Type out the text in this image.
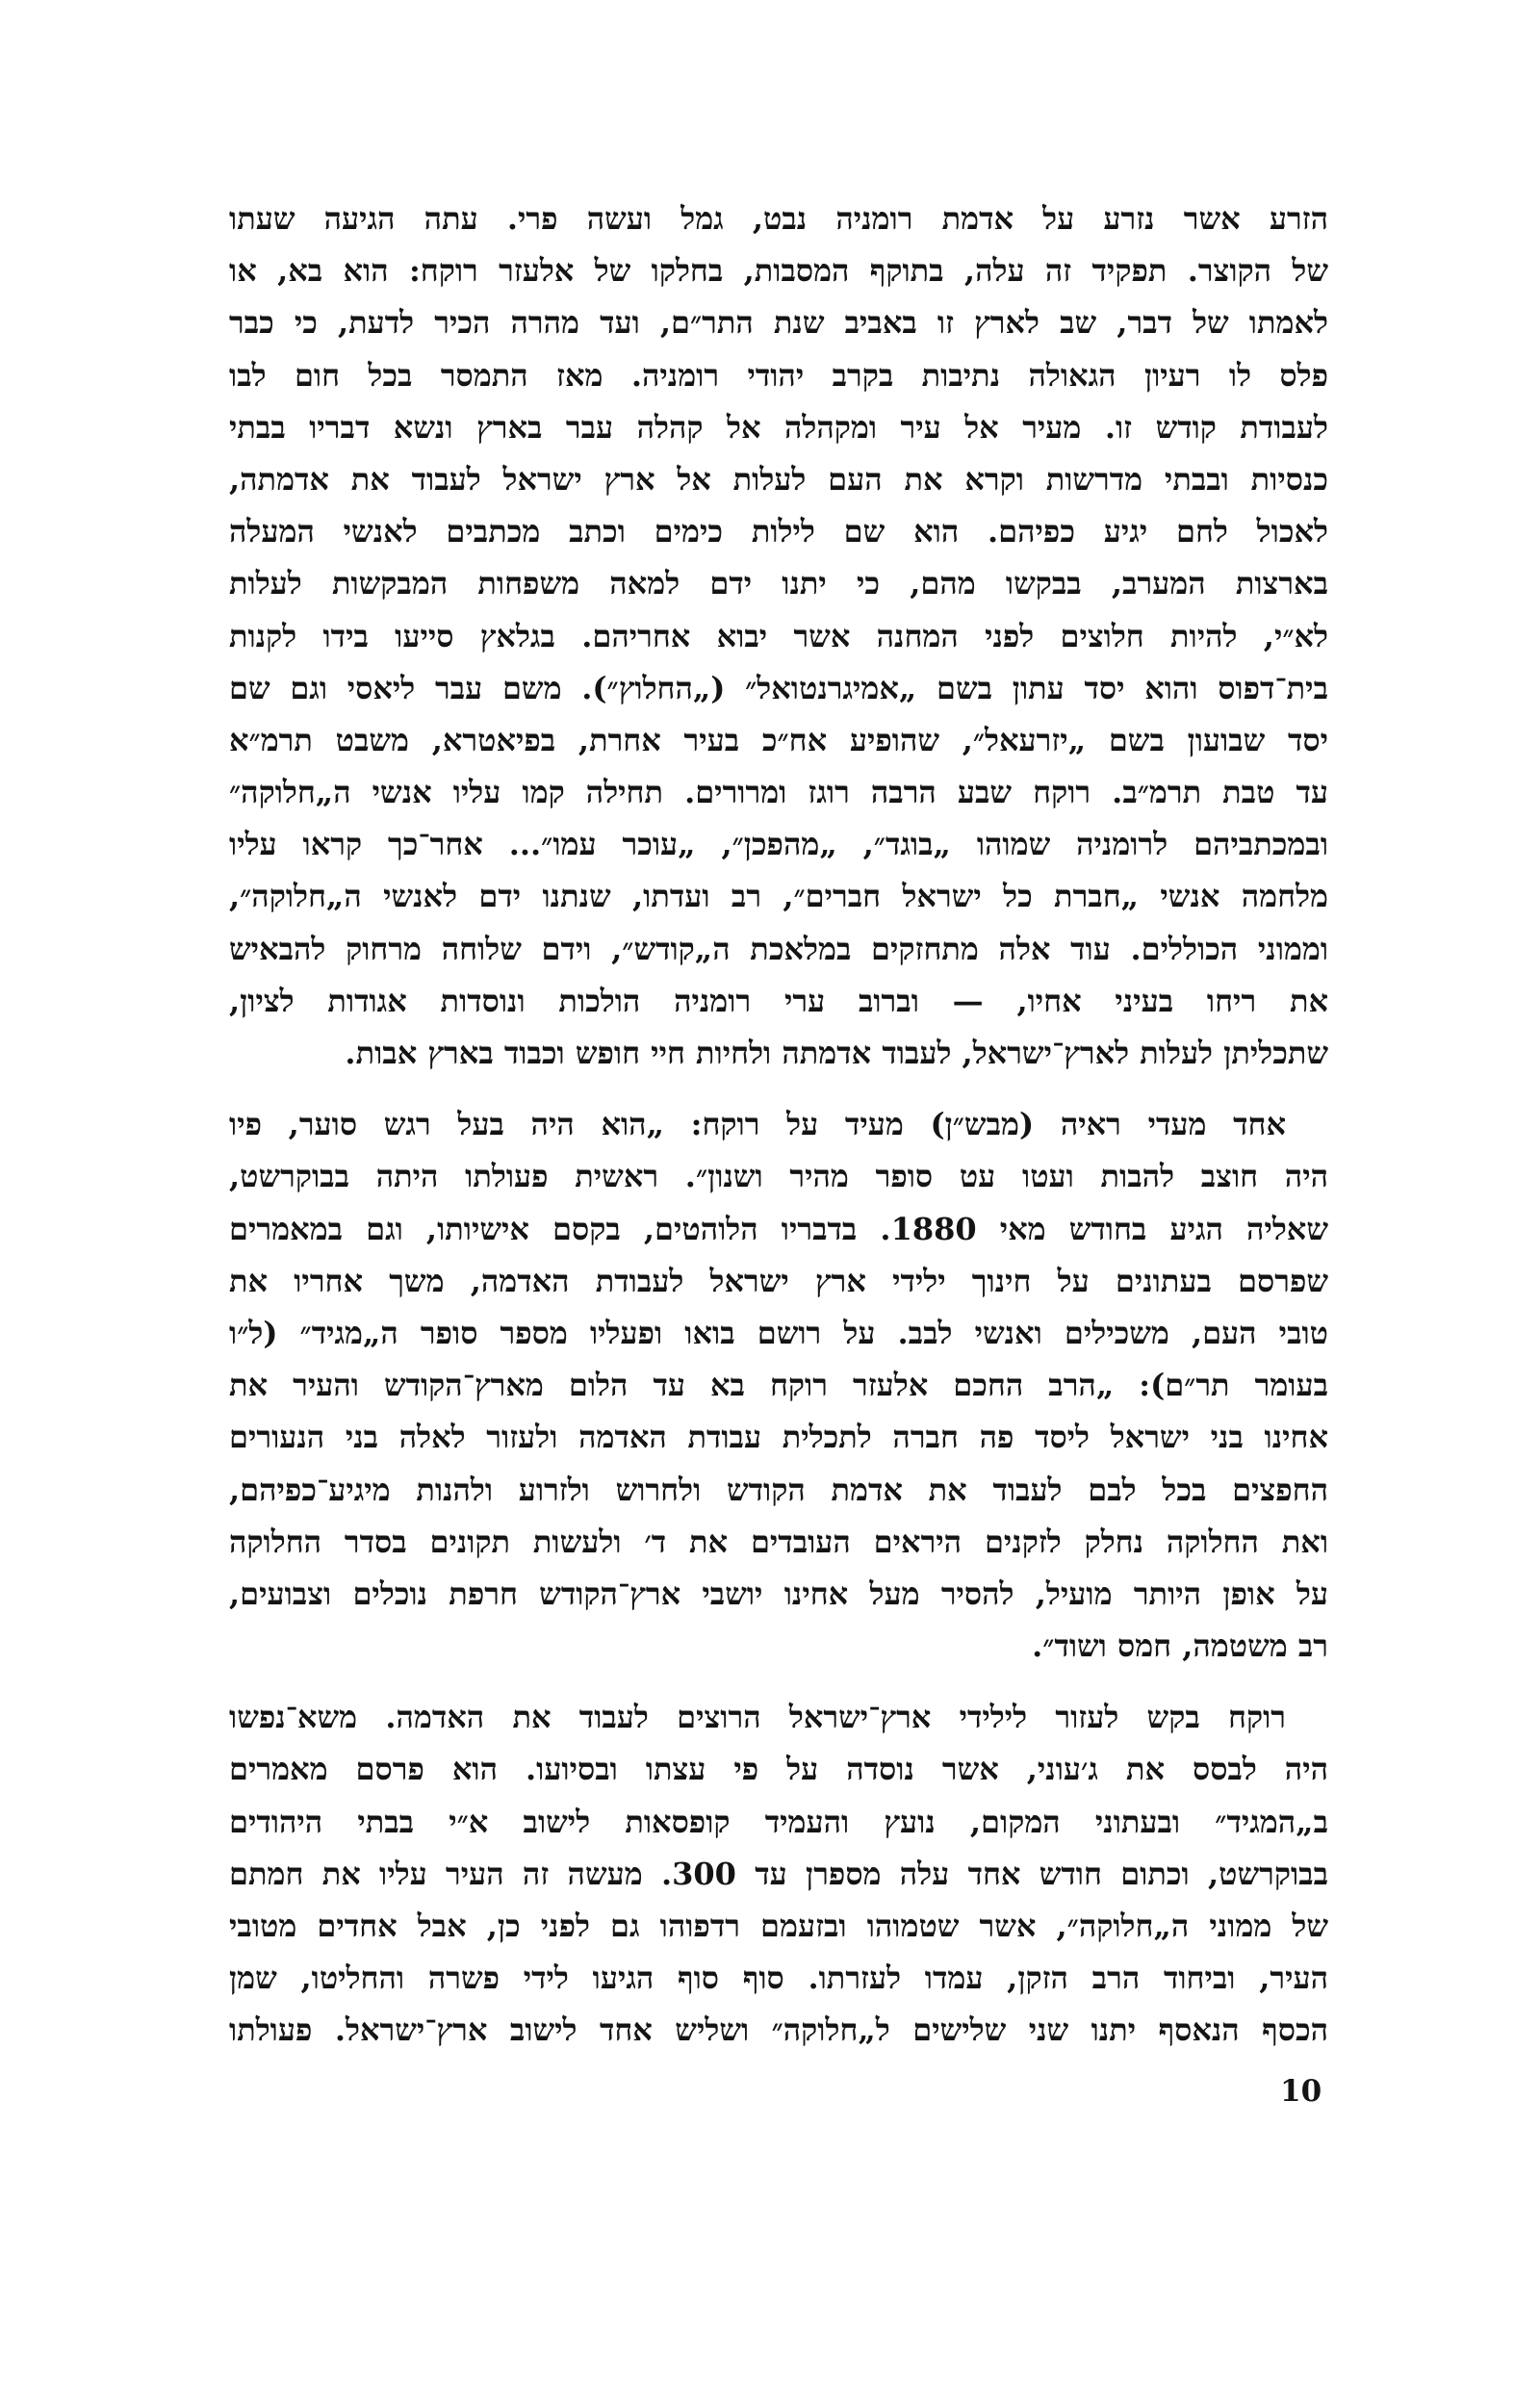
הזרע אשר נזרע על אדמת רומניה נבט, גמל ועשה פרי. עתה הגיעה שעתו
של הקוצר. תפקיד זה עלה, בתוקף המסבות, בחלקו של אלעזר רוקח: הוא בא, או
לאמתו של דבר, שב לארץ זו באביב שנת התר״ם, ועד מהרה הכיר לדעת, כי כבר
פלס לו רעיון הגאולה נתיבות בקרב יהודי רומניה. מאז התמסר בכל חום לבו
לעבודת קודש זו. מעיר אל עיר ומקהלה אל קהלה עבר בארץ ונשא דבריו בבתי
כנסיות ובבתי מדרשות וקרא את העם לעלות אל ארץ ישראל לעבוד את אדמתה,
לאכול לחם יגיע כפיהם. הוא שם לילות כימים וכתב מכתבים לאנשי המעלה
בארצות המערב, בבקשו מהם, כי יתנו ידם למאה משפחות המבקשות לעלות
לא״י, להיות חלוצים לפני המחנה אשר יבוא אחריהם. בגלאץ סייעו בידו לקנות
בית־דפוס והוא יסד עתון בשם „אמיגרנטואל״ („החלוץ״). משם עבר ליאסי וגם שם
יסד שבועון בשם „יזרעאל״, שהופיע אח״כ בעיר אחרת, בפיאטרא, משבט תרמ״א
עד טבת תרמ״ב. רוקח שבע הרבה רוגז ומרורים. תחילה קמו עליו אנשי ה„חלוקה״
ובמכתביהם לרומניה שמוהו „בוגד״, „מהפכן״, „עוכר עמו״... אחר־כך קראו עליו
מלחמה אנשי „חברת כל ישראל חברים״, רב ועדתו, שנתנו ידם לאנשי ה„חלוקה״,
וממוני הכוללים. עוד אלה מתחזקים במלאכת ה„קודש״, וידם שלוחה מרחוק להבאיש
את ריחו בעיני אחיו, — וברוב ערי רומניה הולכות ונוסדות אגודות לציון,
שתכליתן לעלות לארץ־ישראל, לעבוד אדמתה ולחיות חיי חופש וכבוד בארץ אבות.
אחד מעדי ראיה (מבש״ן) מעיד על רוקח: „הוא היה בעל רגש סוער, פיו
היה חוצב להבות ועטו עט סופר מהיר ושנון״. ראשית פעולתו היתה בבוקרשט,
שאליה הגיע בחודש מאי 1880. בדבריו הלוהטים, בקסם אישיותו, וגם במאמרים
שפרסם בעתונים על חינוך ילידי ארץ ישראל לעבודת האדמה, משך אחריו את
טובי העם, משכילים ואנשי לבב. על רושם בואו ופעליו מספר סופר ה„מגיד״ (ל״ו
בעומר תר״ם): „הרב החכם אלעזר רוקח בא עד הלום מארץ־הקודש והעיר את
אחינו בני ישראל ליסד פה חברה לתכלית עבודת האדמה ולעזור לאלה בני הנעורים
החפצים בכל לבם לעבוד את אדמת הקודש ולחרוש ולזרוע ולהנות מיגיע־כפיהם,
ואת החלוקה נחלק לזקנים היראים העובדים את ד׳ ולעשות תקונים בסדר החלוקה
על אופן היותר מועיל, להסיר מעל אחינו יושבי ארץ־הקודש חרפת נוכלים וצבועים,
רב משטמה, חמס ושוד״.
רוקח בקש לעזור לילידי ארץ־ישראל הרוצים לעבוד את האדמה. משא־נפשו
היה לבסס את ג׳עוני, אשר נוסדה על פי עצתו ובסיועו. הוא פרסם מאמרים
ב„המגיד״ ובעתוני המקום, נועץ והעמיד קופסאות לישוב א״י בבתי היהודים
בבוקרשט, וכתום חודש אחד עלה מספרן עד 300. מעשה זה העיר עליו את חמתם
של ממוני ה„חלוקה״, אשר שטמוהו ובזעמם רדפוהו גם לפני כן, אבל אחדים מטובי
העיר, וביחוד הרב הזקן, עמדו לעזרתו. סוף סוף הגיעו לידי פשרה והחליטו, שמן
הכסף הנאסף יתנו שני שלישים ל„חלוקה״ ושליש אחד לישוב ארץ־ישראל. פעולתו
10
